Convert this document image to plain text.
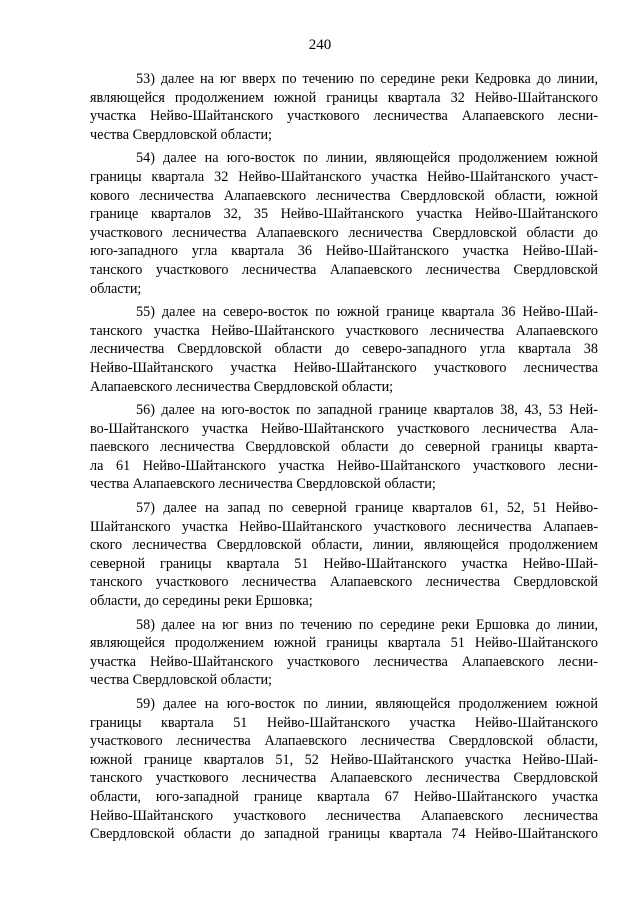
240
53) далее на юг вверх по течению по середине реки Кедровка до линии,
являющейся продолжением южной границы квартала 32 Нейво-Шайтанского
участка Нейво-Шайтанского участкового лесничества Алапаевского лесни-
чества Свердловской области;
54) далее на юго-восток по линии, являющейся продолжением южной
границы квартала 32 Нейво-Шайтанского участка Нейво-Шайтанского участ-
кового лесничества Алапаевского лесничества Свердловской области, южной
границе кварталов 32, 35 Нейво-Шайтанского участка Нейво-Шайтанского
участкового лесничества Алапаевского лесничества Свердловской области до
юго-западного угла квартала 36 Нейво-Шайтанского участка Нейво-Шай-
танского участкового лесничества Алапаевского лесничества Свердловской
области;
55) далее на северо-восток по южной границе квартала 36 Нейво-Шай-
танского участка Нейво-Шайтанского участкового лесничества Алапаевского
лесничества Свердловской области до северо-западного угла квартала 38
Нейво-Шайтанского участка Нейво-Шайтанского участкового лесничества
Алапаевского лесничества Свердловской области;
56) далее на юго-восток по западной границе кварталов 38, 43, 53 Ней-
во-Шайтанского участка Нейво-Шайтанского участкового лесничества Ала-
паевского лесничества Свердловской области до северной границы кварта-
ла 61 Нейво-Шайтанского участка Нейво-Шайтанского участкового лесни-
чества Алапаевского лесничества Свердловской области;
57) далее на запад по северной границе кварталов 61, 52, 51 Нейво-
Шайтанского участка Нейво-Шайтанского участкового лесничества Алапаев-
ского лесничества Свердловской области, линии, являющейся продолжением
северной границы квартала 51 Нейво-Шайтанского участка Нейво-Шай-
танского участкового лесничества Алапаевского лесничества Свердловской
области, до середины реки Ершовка;
58) далее на юг вниз по течению по середине реки Ершовка до линии,
являющейся продолжением южной границы квартала 51 Нейво-Шайтанского
участка Нейво-Шайтанского участкового лесничества Алапаевского лесни-
чества Свердловской области;
59) далее на юго-восток по линии, являющейся продолжением южной
границы квартала 51 Нейво-Шайтанского участка Нейво-Шайтанского
участкового лесничества Алапаевского лесничества Свердловской области,
южной границе кварталов 51, 52 Нейво-Шайтанского участка Нейво-Шай-
танского участкового лесничества Алапаевского лесничества Свердловской
области, юго-западной границе квартала 67 Нейво-Шайтанского участка
Нейво-Шайтанского участкового лесничества Алапаевского лесничества
Свердловской области до западной границы квартала 74 Нейво-Шайтанского
